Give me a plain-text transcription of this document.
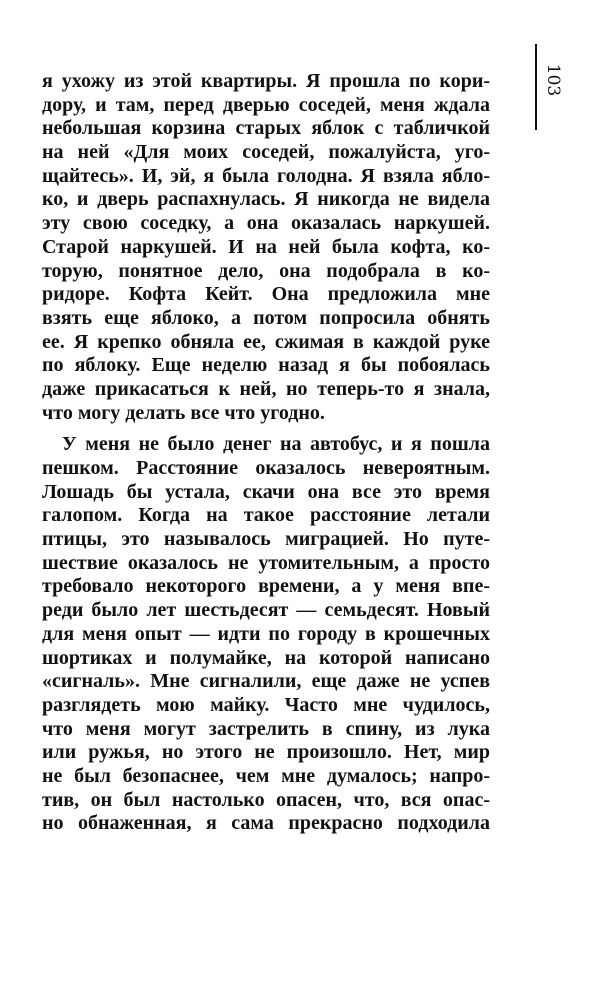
103
я ухожу из этой квартиры. Я прошла по кори-
дору, и там, перед дверью соседей, меня ждала
небольшая корзина старых яблок с табличкой
на ней «Для моих соседей, пожалуйста, уго-
щайтесь». И, эй, я была голодна. Я взяла ябло-
ко, и дверь распахнулась. Я никогда не видела
эту свою соседку, а она оказалась наркушей.
Старой наркушей. И на ней была кофта, ко-
торую, понятное дело, она подобрала в ко-
ридоре. Кофта Кейт. Она предложила мне
взять еще яблоко, а потом попросила обнять
ее. Я крепко обняла ее, сжимая в каждой руке
по яблоку. Еще неделю назад я бы побоялась
даже прикасаться к ней, но теперь-то я знала,
что могу делать все что угодно.
У меня не было денег на автобус, и я пошла
пешком. Расстояние оказалось невероятным.
Лошадь бы устала, скачи она все это время
галопом. Когда на такое расстояние летали
птицы, это называлось миграцией. Но путе-
шествие оказалось не утомительным, а просто
требовало некоторого времени, а у меня впе-
реди было лет шестьдесят — семьдесят. Новый
для меня опыт — идти по городу в крошечных
шортиках и полумайке, на которой написано
«сигналь». Мне сигналили, еще даже не успев
разглядеть мою майку. Часто мне чудилось,
что меня могут застрелить в спину, из лука
или ружья, но этого не произошло. Нет, мир
не был безопаснее, чем мне думалось; напро-
тив, он был настолько опасен, что, вся опас-
но обнаженная, я сама прекрасно подходила
